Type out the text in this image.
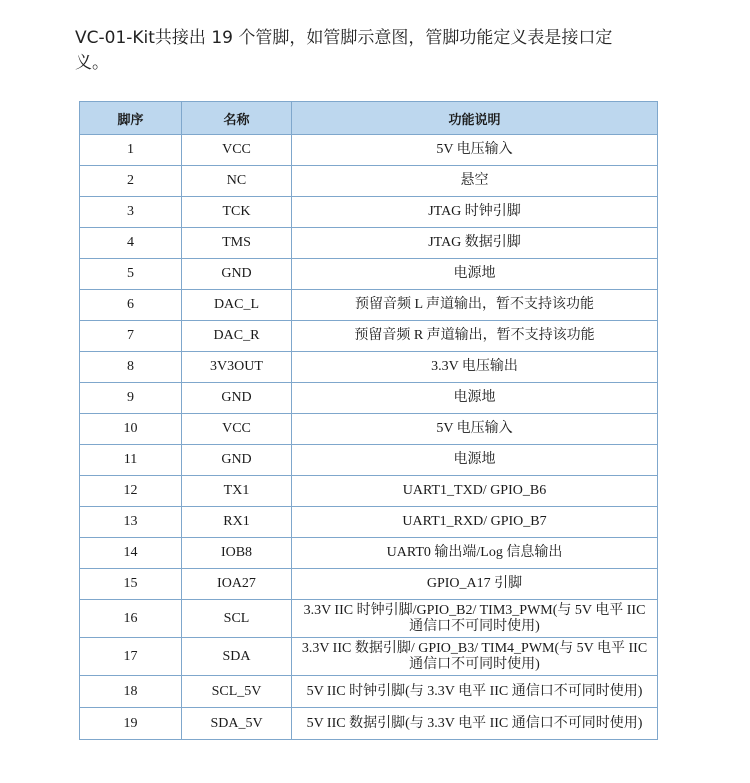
VC-01-Kit共接出 19 个管脚，如管脚示意图，管脚功能定义表是接口定义。

脚序	名称	功能说明
1	VCC	5V 电压输入
2	NC	悬空
3	TCK	JTAG 时钟引脚
4	TMS	JTAG 数据引脚
5	GND	电源地
6	DAC_L	预留音频 L 声道输出，暂不支持该功能
7	DAC_R	预留音频 R 声道输出，暂不支持该功能
8	3V3OUT	3.3V 电压输出
9	GND	电源地
10	VCC	5V 电压输入
11	GND	电源地
12	TX1	UART1_TXD/ GPIO_B6
13	RX1	UART1_RXD/ GPIO_B7
14	IOB8	UART0 输出端/Log 信息输出
15	IOA27	GPIO_A17 引脚
16	SCL	3.3V IIC 时钟引脚/GPIO_B2/ TIM3_PWM(与 5V 电平 IIC 通信口不可同时使用)
17	SDA	3.3V IIC 数据引脚/ GPIO_B3/ TIM4_PWM(与 5V 电平 IIC 通信口不可同时使用)
18	SCL_5V	5V IIC 时钟引脚(与 3.3V 电平 IIC 通信口不可同时使用)
19	SDA_5V	5V IIC 数据引脚(与 3.3V 电平 IIC 通信口不可同时使用)
